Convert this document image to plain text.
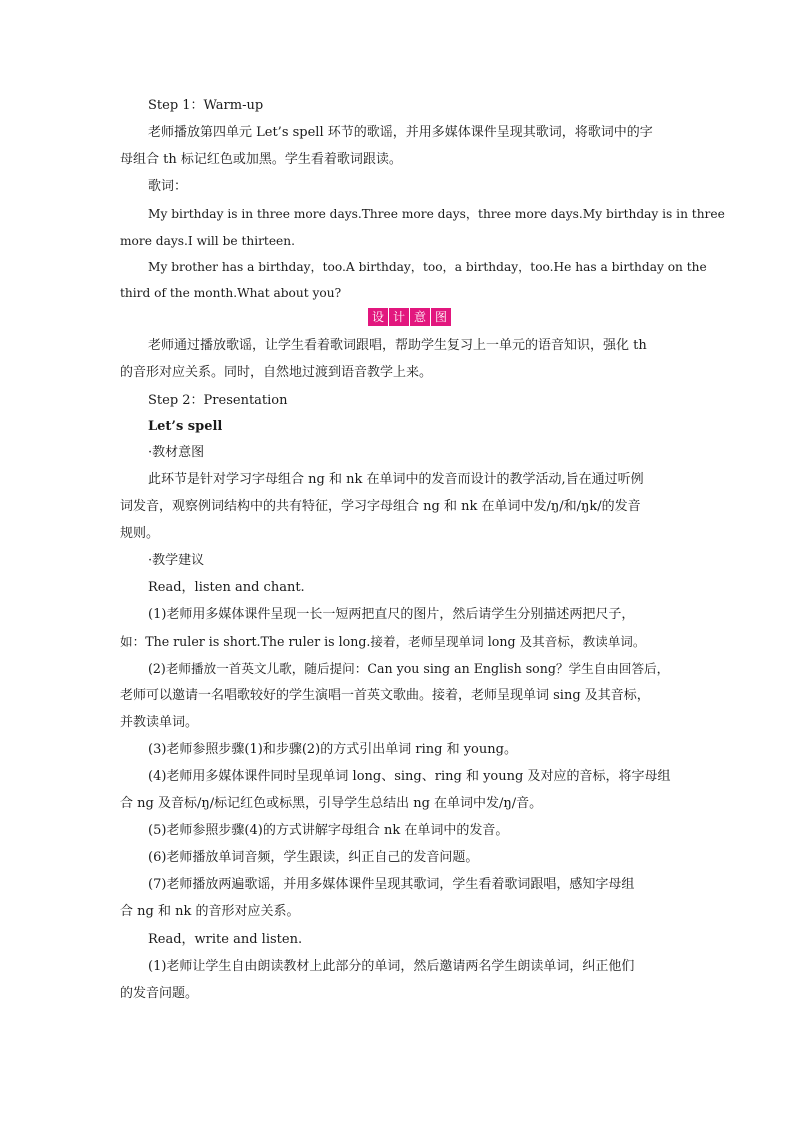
Step 1：Warm-up
老师播放第四单元 Let’s spell 环节的歌谣，并用多媒体课件呈现其歌词，将歌词中的字
母组合 th 标记红色或加黑。学生看着歌词跟读。
歌词：
My birthday is in three more days.Three more days，three more days.My birthday is in three
more days.I will be thirteen.
My brother has a birthday，too.A birthday，too，a birthday，too.He has a birthday on the
third of the month.What about you?
设 计 意 图
老师通过播放歌谣，让学生看着歌词跟唱，帮助学生复习上一单元的语音知识，强化 th
的音形对应关系。同时，自然地过渡到语音教学上来。
Step 2：Presentation
Let’s spell
·教材意图
此环节是针对学习字母组合 ng 和 nk 在单词中的发音而设计的教学活动,旨在通过听例
词发音，观察例词结构中的共有特征，学习字母组合 ng 和 nk 在单词中发/ŋ/和/ŋk/的发音
规则。
·教学建议
Read，listen and chant.
(1)老师用多媒体课件呈现一长一短两把直尺的图片，然后请学生分别描述两把尺子，
如：The ruler is short.The ruler is long.接着，老师呈现单词 long 及其音标，教读单词。
(2)老师播放一首英文儿歌，随后提问：Can you sing an English song？学生自由回答后，
老师可以邀请一名唱歌较好的学生演唱一首英文歌曲。接着，老师呈现单词 sing 及其音标，
并教读单词。
(3)老师参照步骤(1)和步骤(2)的方式引出单词 ring 和 young。
(4)老师用多媒体课件同时呈现单词 long、sing、ring 和 young 及对应的音标，将字母组
合 ng 及音标/ŋ/标记红色或标黑，引导学生总结出 ng 在单词中发/ŋ/音。
(5)老师参照步骤(4)的方式讲解字母组合 nk 在单词中的发音。
(6)老师播放单词音频，学生跟读，纠正自己的发音问题。
(7)老师播放两遍歌谣，并用多媒体课件呈现其歌词，学生看着歌词跟唱，感知字母组
合 ng 和 nk 的音形对应关系。
Read，write and listen.
(1)老师让学生自由朗读教材上此部分的单词，然后邀请两名学生朗读单词，纠正他们
的发音问题。
